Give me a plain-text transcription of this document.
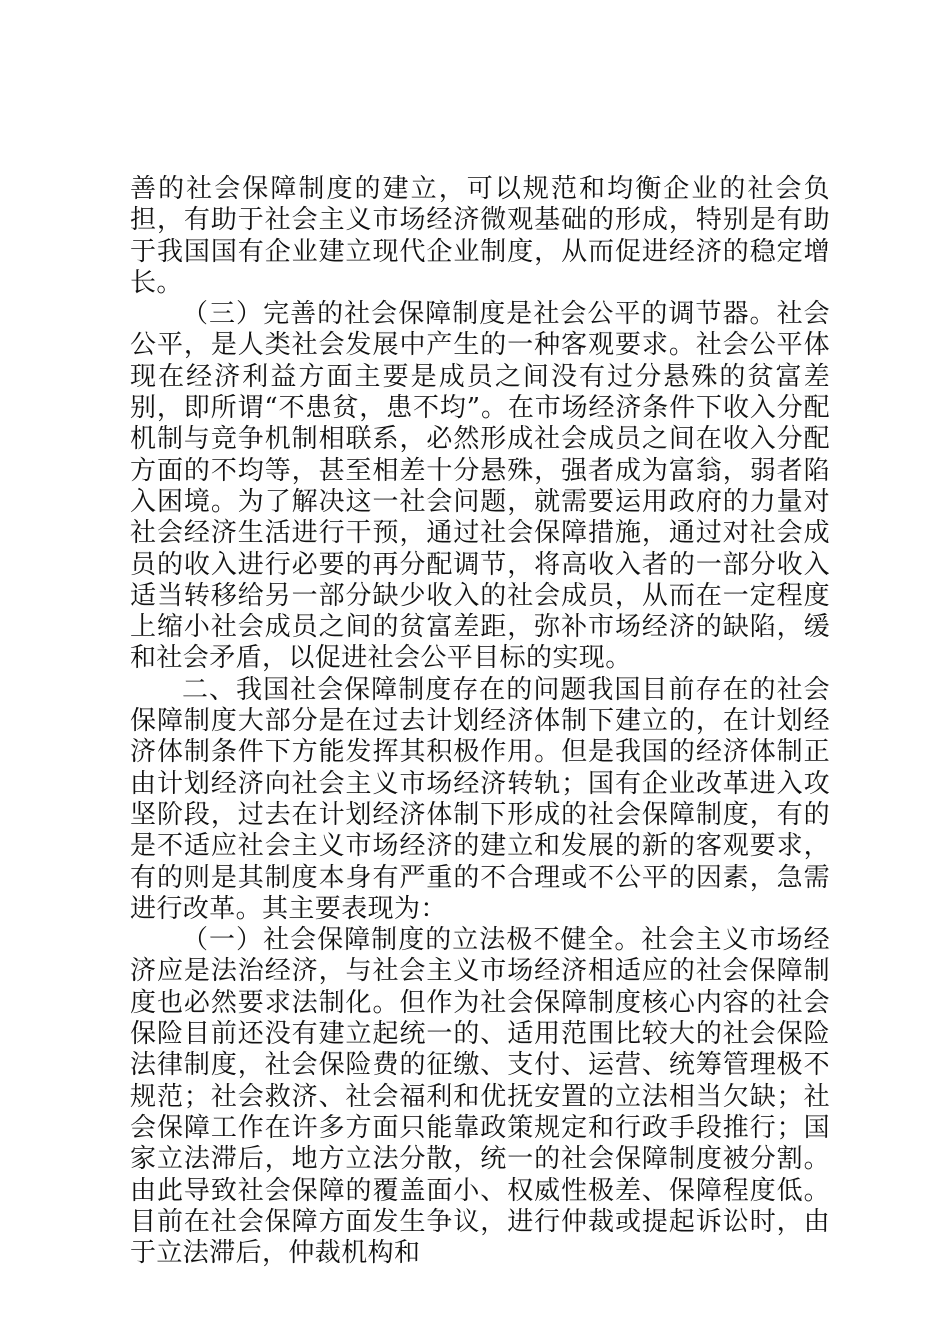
善的社会保障制度的建立，可以规范和均衡企业的社会负担，有助于社会主义市场经济微观基础的形成，特别是有助于我国国有企业建立现代企业制度，从而促进经济的稳定增长。

（三）完善的社会保障制度是社会公平的调节器。社会公平，是人类社会发展中产生的一种客观要求。社会公平体现在经济利益方面主要是成员之间没有过分悬殊的贫富差别，即所谓“不患贫，患不均”。在市场经济条件下收入分配机制与竞争机制相联系，必然形成社会成员之间在收入分配方面的不均等，甚至相差十分悬殊，强者成为富翁，弱者陷入困境。为了解决这一社会问题，就需要运用政府的力量对社会经济生活进行干预，通过社会保障措施，通过对社会成员的收入进行必要的再分配调节，将高收入者的一部分收入适当转移给另一部分缺少收入的社会成员，从而在一定程度上缩小社会成员之间的贫富差距，弥补市场经济的缺陷，缓和社会矛盾，以促进社会公平目标的实现。

二、我国社会保障制度存在的问题我国目前存在的社会保障制度大部分是在过去计划经济体制下建立的，在计划经济体制条件下方能发挥其积极作用。但是我国的经济体制正由计划经济向社会主义市场经济转轨；国有企业改革进入攻坚阶段，过去在计划经济体制下形成的社会保障制度，有的是不适应社会主义市场经济的建立和发展的新的客观要求，有的则是其制度本身有严重的不合理或不公平的因素，急需进行改革。其主要表现为：

（一）社会保障制度的立法极不健全。社会主义市场经济应是法治经济，与社会主义市场经济相适应的社会保障制度也必然要求法制化。但作为社会保障制度核心内容的社会保险目前还没有建立起统一的、适用范围比较大的社会保险法律制度，社会保险费的征缴、支付、运营、统筹管理极不规范；社会救济、社会福利和优抚安置的立法相当欠缺；社会保障工作在许多方面只能靠政策规定和行政手段推行；国家立法滞后，地方立法分散，统一的社会保障制度被分割。由此导致社会保障的覆盖面小、权威性极差、保障程度低。目前在社会保障方面发生争议，进行仲裁或提起诉讼时，由于立法滞后，仲裁机构和
